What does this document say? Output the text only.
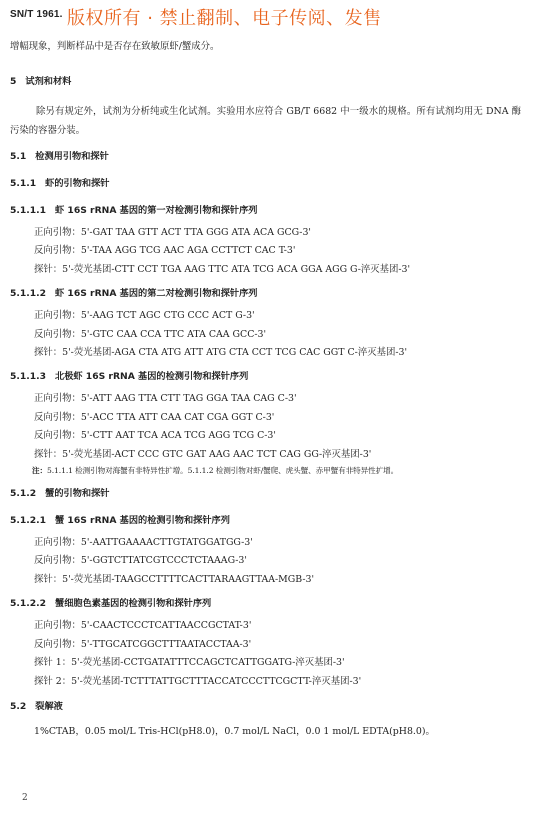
SN/T 1961. 版权所有 · 禁止翻制、电子传阅、发售

增幅现象，判断样品中是否存在致敏原虾/蟹成分。

5 试剂和材料

除另有规定外，试剂为分析纯或生化试剂。实验用水应符合 GB/T 6682 中一级水的规格。所有试剂均用无 DNA 酶污染的容器分装。

5.1 检测用引物和探针

5.1.1 虾的引物和探针

5.1.1.1 虾 16S rRNA 基因的第一对检测引物和探针序列

正向引物：5'-GAT TAA GTT ACT TTA GGG ATA ACA GCG-3'

反向引物：5'-TAA AGG TCG AAC AGA CCTTCT CAC T-3'

探针：5'-荧光基团-CTT CCT TGA AAG TTC ATA TCG ACA GGA AGG G-淬灭基团-3'

5.1.1.2 虾 16S rRNA 基因的第二对检测引物和探针序列

正向引物：5'-AAG TCT AGC CTG CCC ACT G-3'

反向引物：5'-GTC CAA CCA TTC ATA CAA GCC-3'

探针：5'-荧光基团-AGA CTA ATG ATT ATG CTA CCT TCG CAC GGT C-淬灭基团-3'

5.1.1.3 北极虾 16S rRNA 基因的检测引物和探针序列

正向引物：5'-ATT AAG TTA CTT TAG GGA TAA CAG C-3'

反向引物：5'-ACC TTA ATT CAA CAT CGA GGT C-3'

反向引物：5'-CTT AAT TCA ACA TCG AGG TCG C-3'

探针：5'-荧光基团-ACT CCC GTC GAT AAG AAC TCT CAG GG-淬灭基团-3'

注：5.1.1.1 检测引物对海蟹有非特异性扩增。5.1.1.2 检测引物对虾/蟹爬、虎头蟹、赤甲蟹有非特异性扩增。

5.1.2 蟹的引物和探针

5.1.2.1 蟹 16S rRNA 基因的检测引物和探针序列

正向引物：5'-AATTGAAAACTTGTATGGATGG-3'

反向引物：5'-GGTCTTATCGTCCCTCTAAAG-3'

探针：5'-荧光基团-TAAGCCTTTTCACTTARAAGTTAA-MGB-3'

5.1.2.2 蟹细胞色素基因的检测引物和探针序列

正向引物：5'-CAACTCCCTCATTAACCGCTAT-3'

反向引物：5'-TTGCATCGGCTTTAATACCTAA-3'

探针 1：5'-荧光基团-CCTGATATTTCCAGCTCATTGGATG-淬灭基团-3'

探针 2：5'-荧光基团-TCTTTATTGCTTTACCATCCCTTCGCTT-淬灭基团-3'

5.2 裂解液

1%CTAB，0.05 mol/L Tris-HCl(pH8.0)，0.7 mol/L NaCl，0.0 1 mol/L EDTA(pH8.0)。

2
